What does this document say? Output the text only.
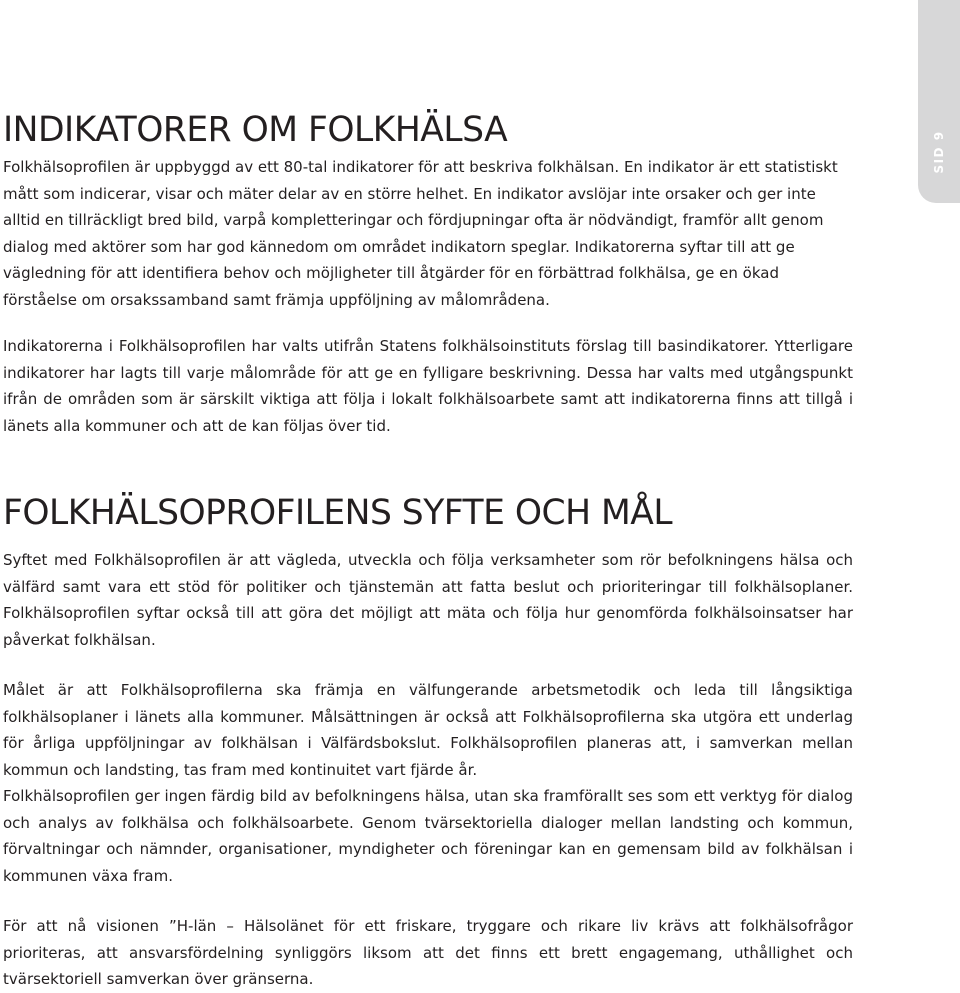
SID 9
INDIKATORER OM FOLKHÄLSA

Folkhälsoprofilen är uppbyggd av ett 80-tal indikatorer för att beskriva folkhälsan. En indikator är ett statistiskt mått som indicerar, visar och mäter delar av en större helhet. En indikator avslöjar inte orsaker och ger inte alltid en tillräckligt bred bild, varpå kompletteringar och fördjupningar ofta är nödvändigt, framför allt genom dialog med aktörer som har god kännedom om området indikatorn speglar. Indikatorerna syftar till att ge vägledning för att identifiera behov och möjligheter till åtgärder för en förbättrad folkhälsa, ge en ökad förståelse om orsakssamband samt främja uppföljning av målområdena.

Indikatorerna i Folkhälsoprofilen har valts utifrån Statens folkhälsoinstituts förslag till basindikatorer. Ytterligare indikatorer har lagts till varje målområde för att ge en fylligare beskrivning. Dessa har valts med utgångspunkt ifrån de områden som är särskilt viktiga att följa i lokalt folkhälsoarbete samt att indikatorerna finns att tillgå i länets alla kommuner och att de kan följas över tid.

FOLKHÄLSOPROFILENS SYFTE OCH MÅL

Syftet med Folkhälsoprofilen är att vägleda, utveckla och följa verksamheter som rör befolkningens hälsa och välfärd samt vara ett stöd för politiker och tjänstemän att fatta beslut och prioriteringar till folkhälsoplaner. Folkhälsoprofilen syftar också till att göra det möjligt att mäta och följa hur genomförda folkhälsoinsatser har påverkat folkhälsan.

Målet är att Folkhälsoprofilerna ska främja en välfungerande arbetsmetodik och leda till långsiktiga folkhälsoplaner i länets alla kommuner. Målsättningen är också att Folkhälsoprofilerna ska utgöra ett underlag för årliga uppföljningar av folkhälsan i Välfärdsbokslut. Folkhälsoprofilen planeras att, i samverkan mellan kommun och landsting, tas fram med kontinuitet vart fjärde år.

Folkhälsoprofilen ger ingen färdig bild av befolkningens hälsa, utan ska framförallt ses som ett verktyg för dialog och analys av folkhälsa och folkhälsoarbete. Genom tvärsektoriella dialoger mellan landsting och kommun, förvaltningar och nämnder, organisationer, myndigheter och föreningar kan en gemensam bild av folkhälsan i kommunen växa fram.

För att nå visionen ”H-län – Hälsolänet för ett friskare, tryggare och rikare liv krävs att folkhälsofrågor prioriteras, att ansvarsfördelning synliggörs liksom att det finns ett brett engagemang, uthållighet och tvärsektoriell samverkan över gränserna.
